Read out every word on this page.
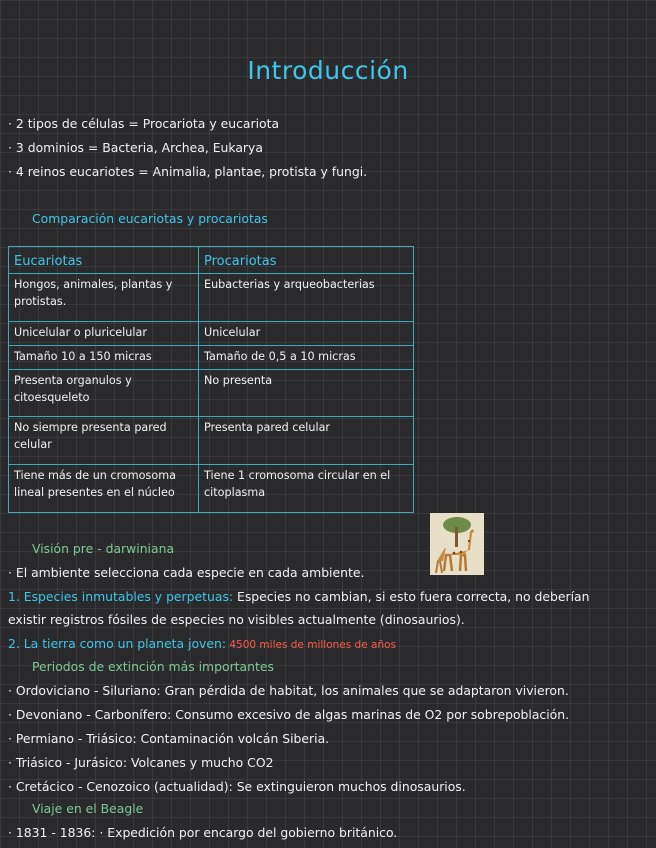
Introducción
· 2 tipos de células = Procariota y eucariota
· 3 dominios = Bacteria, Archea, Eukarya
· 4 reinos eucariotes = Animalia, plantae, protista y fungi.
Comparación eucariotas y procariotas
Eucariotas	Procariotas
Hongos, animales, plantas y protistas.	Eubacterias y arqueobacterias
Unicelular o pluricelular	Unicelular
Tamaño 10 a 150 micras	Tamaño de 0,5 a 10 micras
Presenta organulos y citoesqueleto	No presenta
No siempre presenta pared celular	Presenta pared celular
Tiene más de un cromosoma lineal presentes en el núcleo	Tiene 1 cromosoma circular en el citoplasma
Visión pre - darwiniana
· El ambiente selecciona cada especie en cada ambiente.
1. Especies inmutables y perpetuas: Especies no cambian, si esto fuera correcta, no deberían
existir registros fósiles de especies no visibles actualmente (dinosaurios).
2. La tierra como un planeta joven: 4500 miles de millones de años
Periodos de extinción más importantes
· Ordoviciano - Siluriano: Gran pérdida de habitat, los animales que se adaptaron vivieron.
· Devoniano - Carbonífero: Consumo excesivo de algas marinas de O2 por sobrepoblación.
· Permiano - Triásico: Contaminación volcán Siberia.
· Triásico - Jurásico: Volcanes y mucho CO2
· Cretácico - Cenozoico (actualidad): Se extinguieron muchos dinosaurios.
Viaje en el Beagle
· 1831 - 1836: · Expedición por encargo del gobierno británico.
